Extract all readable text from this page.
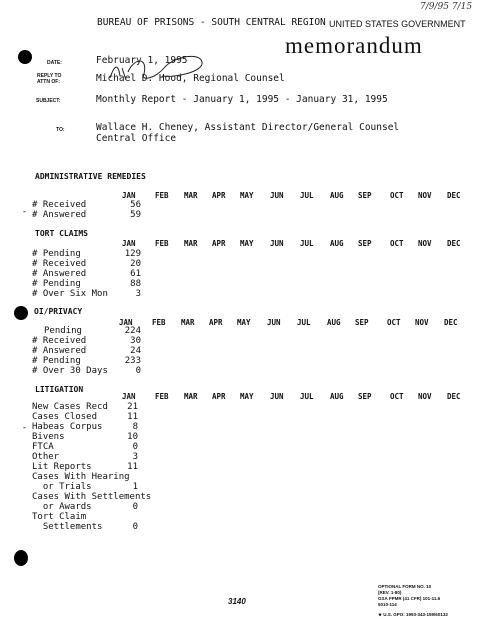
BUREAU OF PRISONS - SOUTH CENTRAL REGION UNITED STATES GOVERNMENT
memorandum
7/9/95 7/15
DATE:	February 1, 1995
REPLY TO ATTN OF:	Michael D. Hood, Regional Counsel
SUBJECT:	Monthly Report - January 1, 1995 - January 31, 1995
TO:	Wallace H. Cheney, Assistant Director/General Counsel
Central Office
ADMINISTRATIVE REMEDIES
JAN	FEB MAR APR MAY JUN JUL AUG SEP OCT NOV DEC
# Received	56
# Answered	59
-
TORT CLAIMS
JAN	FEB MAR APR MAY JUN JUL AUG SEP OCT NOV DEC
# Pending	129
# Received	20
# Answered	61
# Pending	88
# Over Six Mon	3
OI/PRIVACY
JAN	FEB MAR APR MAY JUN JUL AUG SEP OCT NOV DEC
Pending	224
# Received	30
# Answered	24
# Pending	233
# Over 30 Days	0
LITIGATION
JAN	FEB MAR APR MAY JUN JUL AUG SEP OCT NOV DEC
New Cases Recd	21
Cases Closed	11
Habeas Corpus	8
Bivens	10
FTCA	0
Other	3
Lit Reports	11
Cases With Hearing
or Trials	1
Cases With Settlements
or Awards	0
Tort Claim
Settlements	0
-
3140
OPTIONAL FORM NO. 10
(REV. 1-80)
GSA FPMR (41 CFR) 101-11.6
5010-114
★ U.S. GPO: 1993-343-159/60132
